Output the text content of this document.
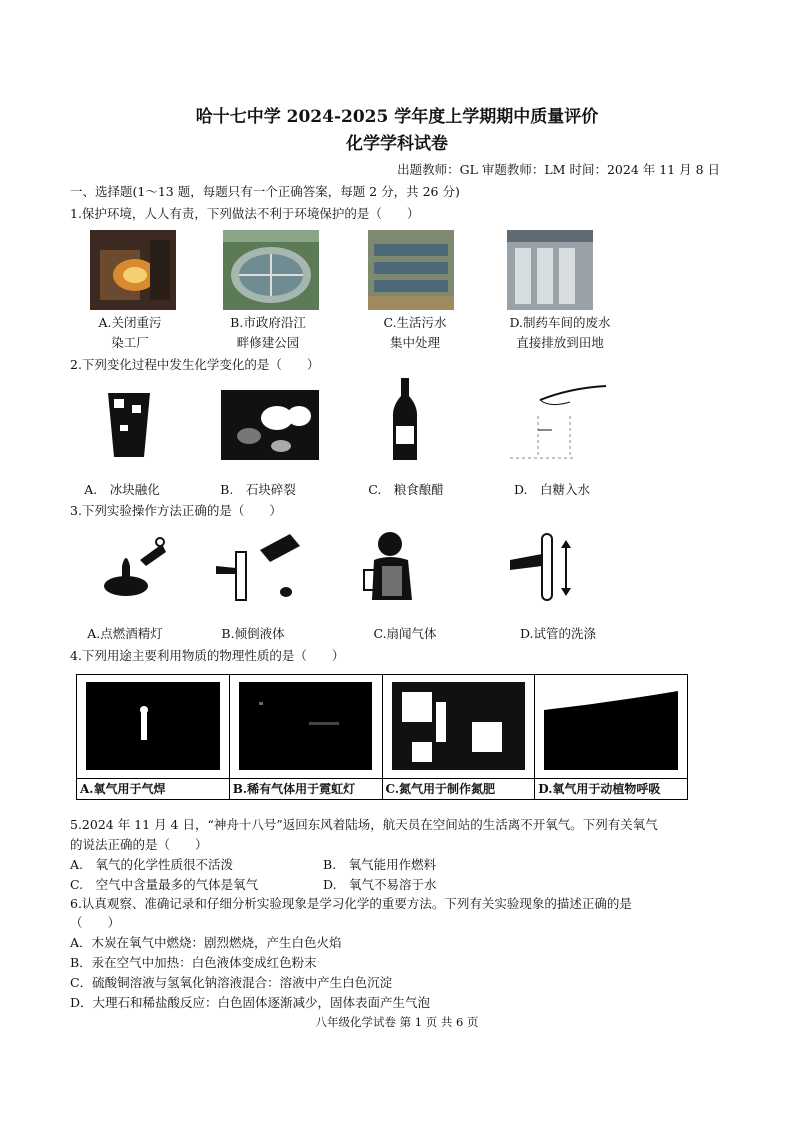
哈十七中学 2024-2025 学年度上学期期中质量评价
化学学科试卷
出题教师：GL 审题教师：LM 时间：2024 年 11 月 8 日
一、选择题(1～13 题，每题只有一个正确答案，每题 2 分，共 26 分)
1.保护环境，人人有责，下列做法不利于环境保护的是（　　）
A.关闭重污
染工厂
B.市政府沿江
畔修建公园
C.生活污水
集中处理
D.制药车间的废水
直接排放到田地
2.下列变化过程中发生化学变化的是（　　）
A.　冰块融化	B.　石块碎裂	C.　粮食酿醋	D.　白糖入水
3.下列实验操作方法正确的是（　　）
A.点燃酒精灯	B.倾倒液体	C.扇闻气体	D.试管的洗涤
4.下列用途主要利用物质的物理性质的是（　　）

A.氧气用于气焊	B.稀有气体用于霓虹灯	C.氮气用于制作氮肥	D.氧气用于动植物呼吸
5.2024 年 11 月 4 日，“神舟十八号”返回东风着陆场，航天员在空间站的生活离不开氧气。下列有关氧气
的说法正确的是（　　）
A.　氧气的化学性质很不活泼	B.　氧气能用作燃料
C.　空气中含量最多的气体是氧气	D.　氧气不易溶于水
6.认真观察、准确记录和仔细分析实验现象是学习化学的重要方法。下列有关实验现象的描述正确的是
（　　）
A．木炭在氧气中燃烧：剧烈燃烧，产生白色火焰
B．汞在空气中加热：白色液体变成红色粉末
C．硫酸铜溶液与氢氧化钠溶液混合：溶液中产生白色沉淀
D．大理石和稀盐酸反应：白色固体逐渐减少，固体表面产生气泡
八年级化学试卷 第 1 页 共 6 页
